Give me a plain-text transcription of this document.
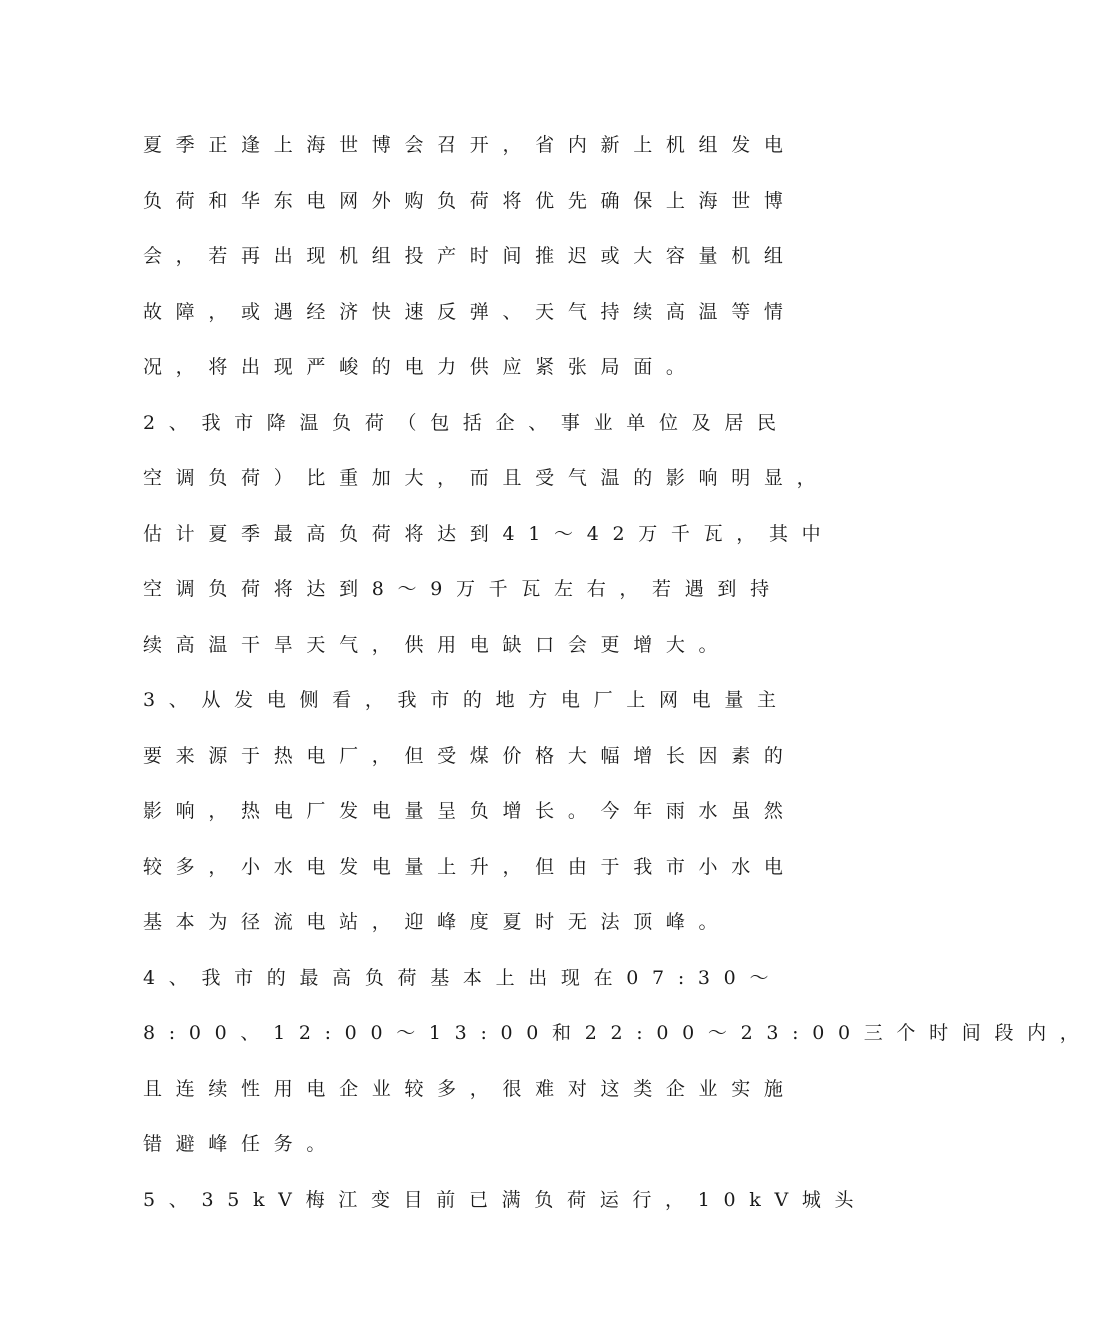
夏季正逢上海世博会召开，省内新上机组发电
负荷和华东电网外购负荷将优先确保上海世博
会，若再出现机组投产时间推迟或大容量机组
故障，或遇经济快速反弹、天气持续高温等情
况，将出现严峻的电力供应紧张局面。
2、我市降温负荷（包括企、事业单位及居民
空调负荷）比重加大，而且受气温的影响明显，
估计夏季最高负荷将达到41～42万千瓦，其中
空调负荷将达到8～9万千瓦左右，若遇到持
续高温干旱天气，供用电缺口会更增大。
3、从发电侧看，我市的地方电厂上网电量主
要来源于热电厂，但受煤价格大幅增长因素的
影响，热电厂发电量呈负增长。今年雨水虽然
较多，小水电发电量上升，但由于我市小水电
基本为径流电站，迎峰度夏时无法顶峰。
4、我市的最高负荷基本上出现在07:30～
8:00、12:00～13:00和22:00～23:00三个时间段内，
且连续性用电企业较多，很难对这类企业实施
错避峰任务。
5、35kV梅江变目前已满负荷运行，10kV城头
